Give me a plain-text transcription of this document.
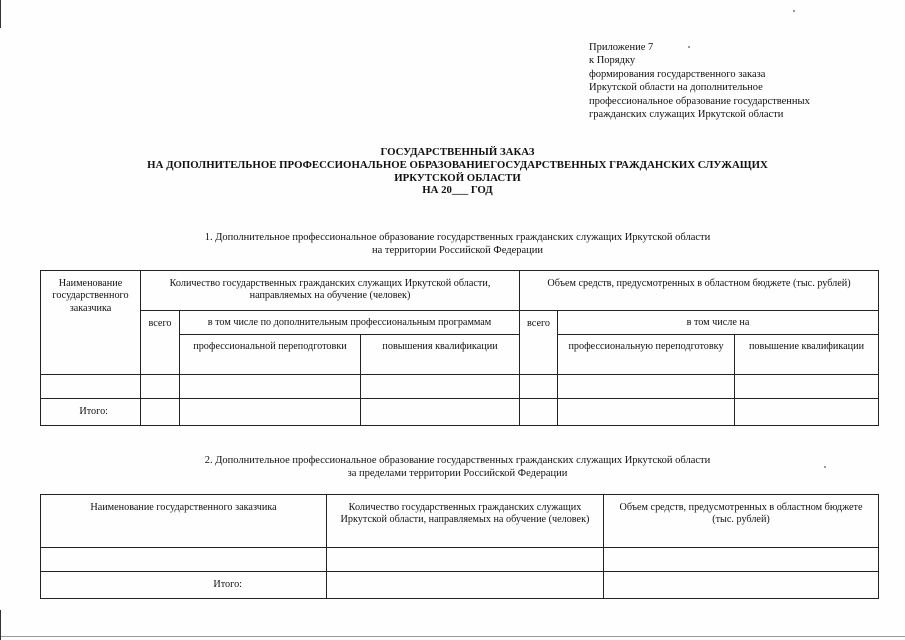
Приложение 7
к Порядку
формирования государственного заказа
Иркутской области на дополнительное
профессиональное образование государственных
гражданских служащих Иркутской области
ГОСУДАРСТВЕННЫЙ ЗАКАЗ
НА ДОПОЛНИТЕЛЬНОЕ ПРОФЕССИОНАЛЬНОЕ ОБРАЗОВАНИЕГОСУДАРСТВЕННЫХ ГРАЖДАНСКИХ СЛУЖАЩИХ
ИРКУТСКОЙ ОБЛАСТИ
НА 20___ ГОД
1. Дополнительное профессиональное образование государственных гражданских служащих Иркутской области
на территории Российской Федерации
Наименование государственного заказчика	Количество государственных гражданских служащих Иркутской области, направляемых на обучение (человек)			Объем средств, предусмотренных в областном бюджете (тыс. рублей)		
	всего	в том числе по дополнительным профессиональным программам		всего	в том числе на	
		профессиональной переподготовки	повышения квалификации		профессиональную переподготовку	повышение квалификации

Итого:						
2. Дополнительное профессиональное образование государственных гражданских служащих Иркутской области
за пределами территории Российской Федерации
Наименование государственного заказчика	Количество государственных гражданских служащих Иркутской области, направляемых на обучение (человек)	Объем средств, предусмотренных в областном бюджете (тыс. рублей)

Итого:		
